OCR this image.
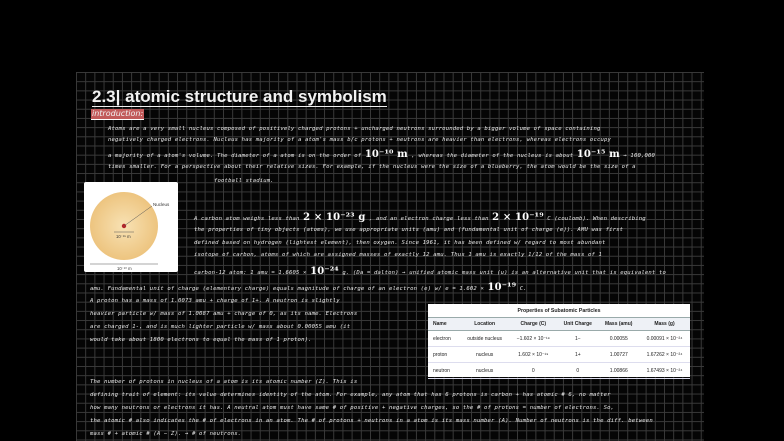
2.3| atomic structure and symbolism
introduction:

Atoms are a very small nucleus composed of positively charged protons + uncharged neutrons surrounded by a bigger volume of space containing

negatively charged electrons. Nucleus has majority of a atom's mass b/c protons + neutrons are heavier than electrons, whereas electrons occupy

a majority of a atom's volume. The diameter of a atom is on the order of 10⁻¹⁰ m , whereas the diameter of the nucleus is about 10⁻¹⁵ m → 100,000

times smaller. For a perspective about their relative sizes. For example, if the nucleus were the size of a blueberry, the atom would be the size of a

football stadium.

Nucleus
10⁻¹⁵ m
10⁻¹⁰ m

A carbon atom weighs less than 2 × 10⁻²³ g , and an electron charge less than 2 × 10⁻¹⁹ C (coulomb). When describing

the properties of tiny objects (atoms), we use appropriate units (amu) and (fundamental unit of charge (e)). AMU was first

defined based on hydrogen (lightest element), then oxygen. Since 1961, it has been defined w/ regard to most abundant

isotope of carbon, atoms of which are assigned masses of exactly 12 amu. Thus 1 amu is exactly 1/12 of the mass of 1

carbon-12 atom: 1 amu = 1.6605 × 10⁻²⁴ g. (Da = dalton) → unified atomic mass unit (u) is an alternative unit that is equivalent to

amu. Fundamental unit of charge (elementary charge) equals magnitude of charge of an electron (e) w/ e = 1.602 × 10⁻¹⁹ C.

A proton has a mass of 1.0073 amu + charge of 1+. A neutron is slightly

heavier particle w/ mass of 1.0087 amu + charge of 0, as its name. Electrons

are charged 1-, and is much lighter particle w/ mass about 0.00055 amu (it

would take about 1800 electrons to equal the mass of 1 proton).

Properties of Subatomic Particles
Name	Location	Charge (C)	Unit Charge	Mass (amu)	Mass (g)
electron	outside nucleus	−1.602 × 10⁻¹⁹	1−	0.00055	0.00091 × 10⁻²⁴
proton	nucleus	1.602 × 10⁻¹⁹	1+	1.00727	1.67262 × 10⁻²⁴
neutron	nucleus	0	0	1.00866	1.67493 × 10⁻²⁴

The number of protons in nucleus of a atom is its atomic number (Z). This is

defining trait of element: its value determines identity of the atom. For example, any atom that has 6 protons is carbon + has atomic # 6, no matter

how many neutrons or electrons it has. A neutral atom must have same # of positive + negative charges, so the # of protons = number of electrons. So,

the atomic # also indicates the # of electrons in an atom. The # of protons + neutrons in a atom is its mass number (A). Number of neutrons is the diff. between

mass # + atomic # (A − Z). → # of neutrons.
